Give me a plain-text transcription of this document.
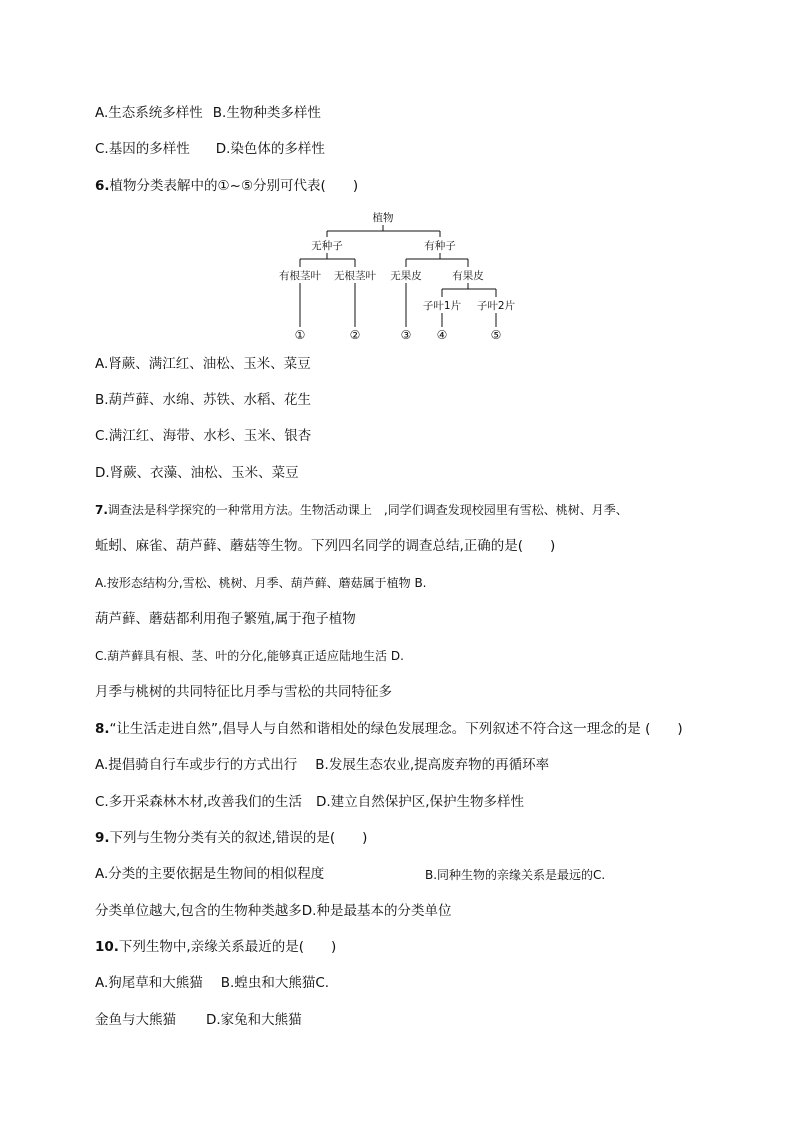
A.生态系统多样性 B.生物种类多样性
C.基因的多样性 D.染色体的多样性
6.植物分类表解中的①~⑤分别可代表(　　)
植物
无种子	有种子
有根茎叶 无根茎叶 无果皮	有果皮
子叶1片 子叶2片
①	②	③ ④	⑤
A.肾蕨、满江红、油松、玉米、菜豆
B.葫芦藓、水绵、苏铁、水稻、花生
C.满江红、海带、水杉、玉米、银杏
D.肾蕨、衣藻、油松、玉米、菜豆
7.调查法是科学探究的一种常用方法。生物活动课上　,同学们调查发现校园里有雪松、桃树、月季、
蚯蚓、麻雀、葫芦藓、蘑菇等生物。下列四名同学的调查总结,正确的是(　　)
A.按形态结构分,雪松、桃树、月季、葫芦藓、蘑菇属于植物 B.
葫芦藓、蘑菇都利用孢子繁殖,属于孢子植物
C.葫芦藓具有根、茎、叶的分化,能够真正适应陆地生活 D.
月季与桃树的共同特征比月季与雪松的共同特征多
8.“让生活走进自然”,倡导人与自然和谐相处的绿色发展理念。下列叙述不符合这一理念的是 (　　)
A.提倡骑自行车或步行的方式出行 B.发展生态农业,提高废弃物的再循环率
C.多开采森林木材,改善我们的生活 D.建立自然保护区,保护生物多样性
9.下列与生物分类有关的叙述,错误的是(　　)
A.分类的主要依据是生物间的相似程度	B.同种生物的亲缘关系是最远的C.
分类单位越大,包含的生物种类越多D.种是最基本的分类单位
10.下列生物中,亲缘关系最近的是(　　)
A.狗尾草和大熊猫 B.蝗虫和大熊猫C.
金鱼与大熊猫 D.家兔和大熊猫
